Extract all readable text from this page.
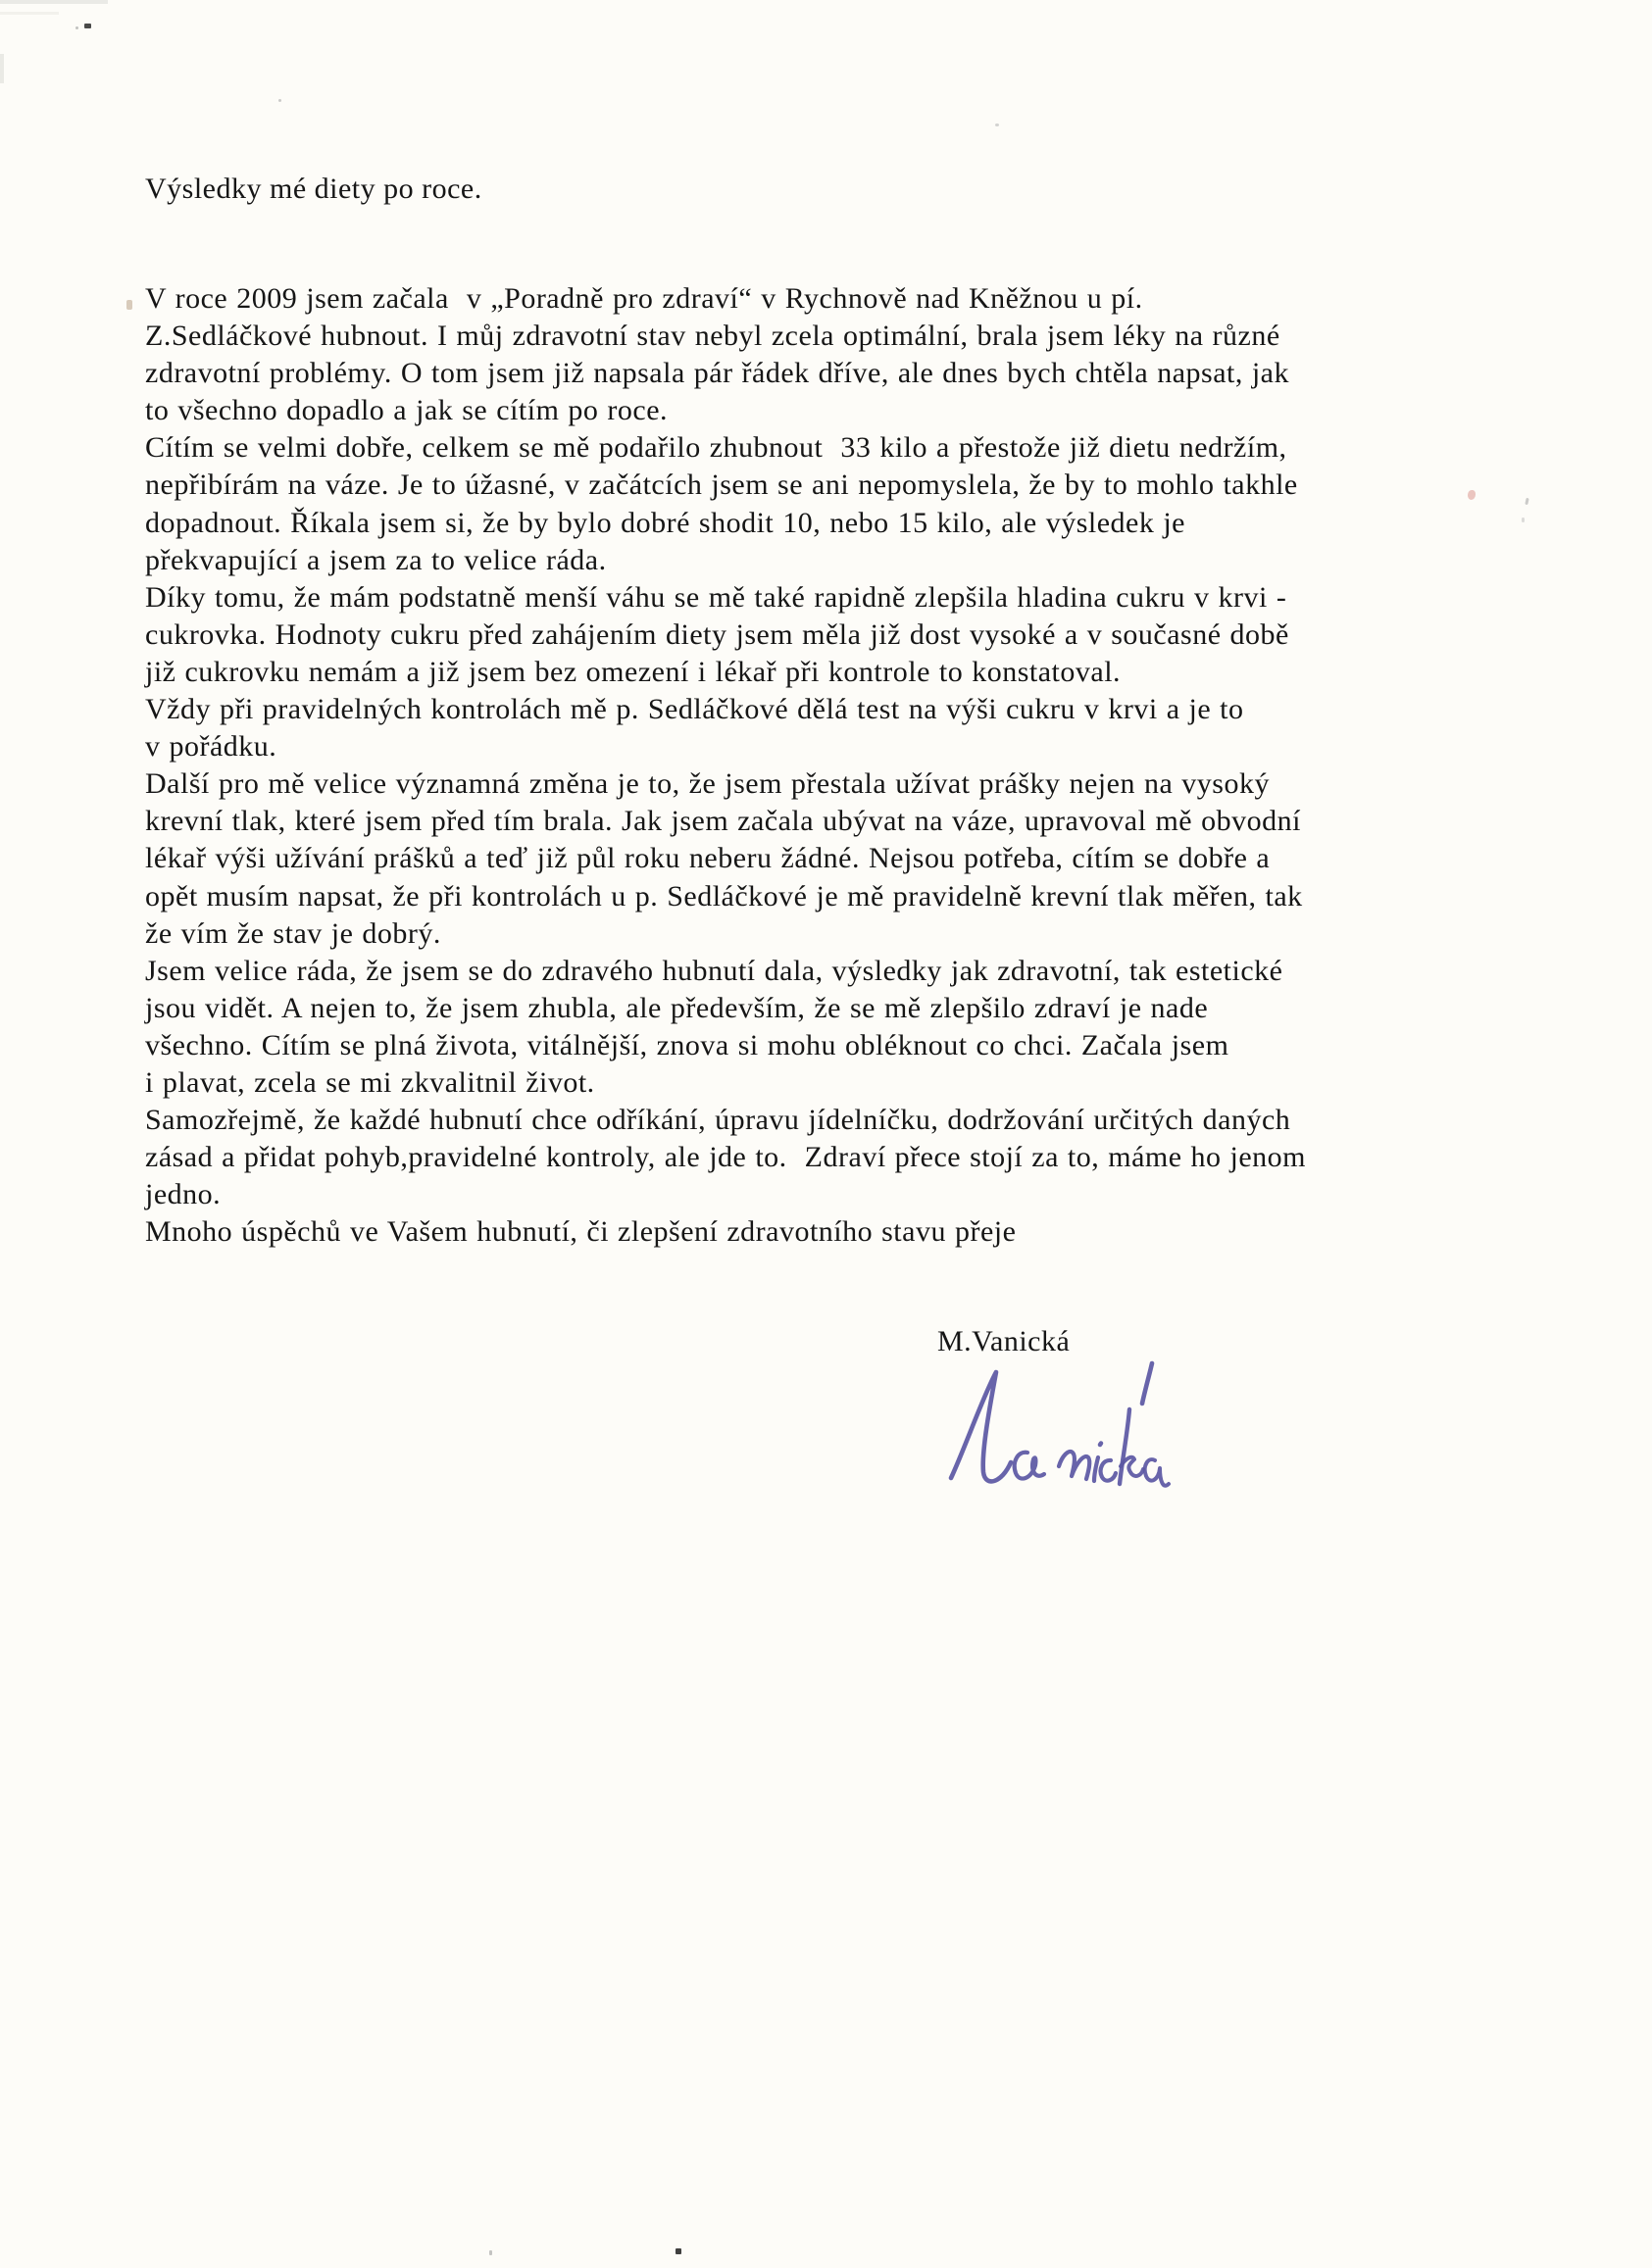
Výsledky mé diety po roce.
V roce 2009 jsem začala  v „Poradně pro zdraví“ v Rychnově nad Kněžnou u pí.
Z.Sedláčkové hubnout. I můj zdravotní stav nebyl zcela optimální, brala jsem léky na různé
zdravotní problémy. O tom jsem již napsala pár řádek dříve, ale dnes bych chtěla napsat, jak
to všechno dopadlo a jak se cítím po roce.
Cítím se velmi dobře, celkem se mě podařilo zhubnout  33 kilo a přestože již dietu nedržím,
nepřibírám na váze. Je to úžasné, v začátcích jsem se ani nepomyslela, že by to mohlo takhle
dopadnout. Říkala jsem si, že by bylo dobré shodit 10, nebo 15 kilo, ale výsledek je
překvapující a jsem za to velice ráda.
Díky tomu, že mám podstatně menší váhu se mě také rapidně zlepšila hladina cukru v krvi -
cukrovka. Hodnoty cukru před zahájením diety jsem měla již dost vysoké a v současné době
již cukrovku nemám a již jsem bez omezení i lékař při kontrole to konstatoval.
Vždy při pravidelných kontrolách mě p. Sedláčkové dělá test na výši cukru v krvi a je to
v pořádku.
Další pro mě velice významná změna je to, že jsem přestala užívat prášky nejen na vysoký
krevní tlak, které jsem před tím brala. Jak jsem začala ubývat na váze, upravoval mě obvodní
lékař výši užívání prášků a teď již půl roku neberu žádné. Nejsou potřeba, cítím se dobře a
opět musím napsat, že při kontrolách u p. Sedláčkové je mě pravidelně krevní tlak měřen, tak
že vím že stav je dobrý.
Jsem velice ráda, že jsem se do zdravého hubnutí dala, výsledky jak zdravotní, tak estetické
jsou vidět. A nejen to, že jsem zhubla, ale především, že se mě zlepšilo zdraví je nade
všechno. Cítím se plná života, vitálnější, znova si mohu obléknout co chci. Začala jsem
i plavat, zcela se mi zkvalitnil život.
Samozřejmě, že každé hubnutí chce odříkání, úpravu jídelníčku, dodržování určitých daných
zásad a přidat pohyb,pravidelné kontroly, ale jde to.  Zdraví přece stojí za to, máme ho jenom
jedno.
Mnoho úspěchů ve Vašem hubnutí, či zlepšení zdravotního stavu přeje
M.Vanická
